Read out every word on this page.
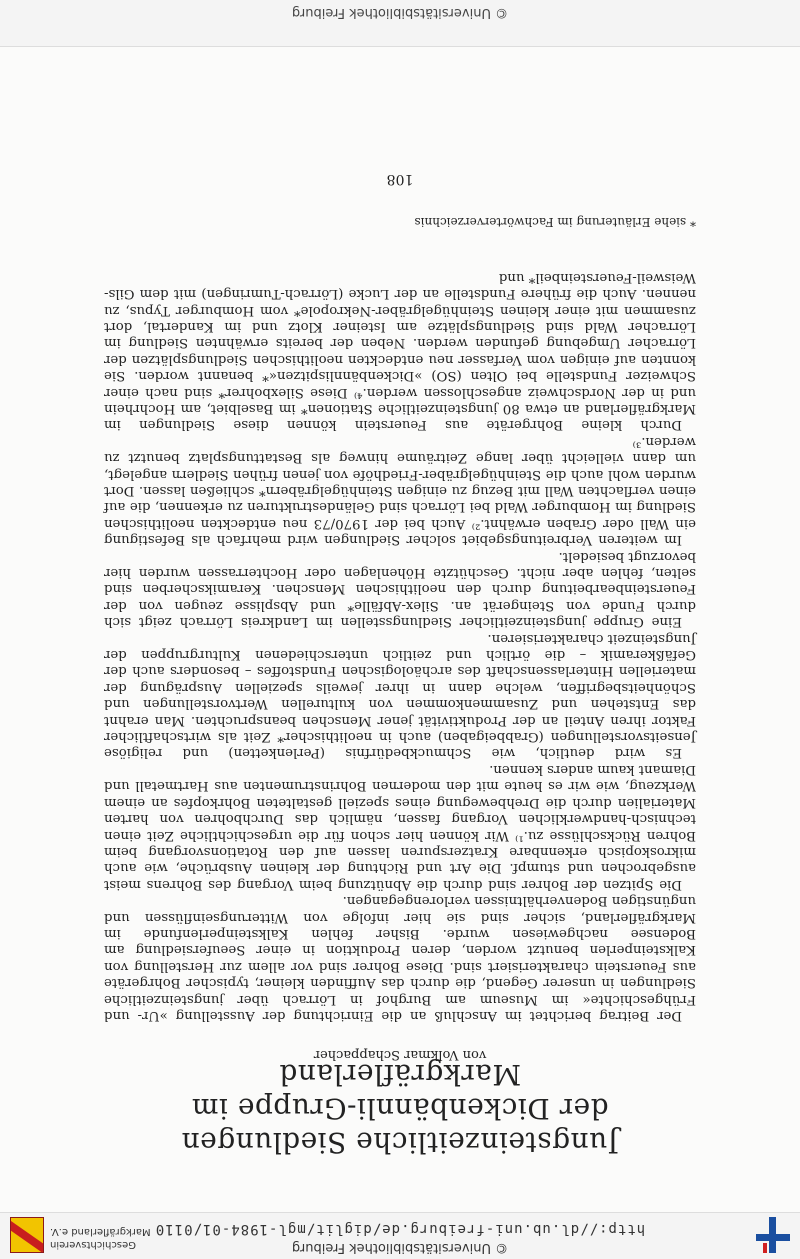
© Universitätsbibliothek Freiburg
http://dl.ub.uni-freiburg.de/diglit/mgl-1984-01/0110
Geschichtsverein
Markgräflerland e.V.
Jungsteinzeitliche Siedlungen
der Dickenbännli-Gruppe im Markgräflerland
von Volkmar Schappacher

Der Beitrag berichtet im Anschluß an die Einrichtung der Ausstellung »Ur- und Frühgeschichte« im Museum am Burghof in Lörrach über jungsteinzeitliche Siedlungen in unserer Gegend, die durch das Auffinden kleiner, typischer Bohrgeräte aus Feuerstein charakterisiert sind. Diese Bohrer sind vor allem zur Herstellung von Kalksteinperlen benutzt worden, deren Produktion in einer Seeufersiedlung am Bodensee nachgewiesen wurde. Bisher fehlen Kalksteinperlenfunde im Markgräflerland, sicher sind sie hier infolge von Witterungseinflüssen und ungünstigen Bodenverhältnissen verlorengegangen.

Die Spitzen der Bohrer sind durch die Abnützung beim Vorgang des Bohrens meist ausgebrochen und stumpf. Die Art und Richtung der kleinen Ausbrüche, wie auch mikroskopisch erkennbare Kratzerspuren lassen auf den Rotationsvorgang beim Bohren Rückschlüsse zu.¹⁾ Wir können hier schon für die urgeschichtliche Zeit einen technisch-handwerklichen Vorgang fassen, nämlich das Durchbohren von harten Materialien durch die Drehbewegung eines speziell gestalteten Bohrkopfes an einem Werkzeug, wie wir es heute mit den modernen Bohrinstrumenten aus Hartmetall und Diamant kaum anders kennen.

Es wird deutlich, wie Schmuckbedürfnis (Perlenketten) und religiöse Jenseitsvorstellungen (Grabbeigaben) auch in neolithischer* Zeit als wirtschaftlicher Faktor ihren Anteil an der Produktivität jener Menschen beanspruchten. Man erahnt das Entstehen und Zusammenkommen von kulturellen Wertvorstellungen und Schönheitsbegriffen, welche dann in ihrer jeweils speziellen Ausprägung der materiellen Hinterlassenschaft des archäologischen Fundstoffes – besonders auch der Gefäßkeramik – die örtlich und zeitlich unterschiedenen Kulturgruppen der Jungsteinzeit charakterisieren.

Eine Gruppe jungsteinzeitlicher Siedlungsstellen im Landkreis Lörrach zeigt sich durch Funde von Steingerät an. Silex-Abfälle* und Absplisse zeugen von der Feuersteinbearbeitung durch den neolithischen Menschen. Keramikscherben sind selten, fehlen aber nicht. Geschützte Höhenlagen oder Hochterrassen wurden hier bevorzugt besiedelt.

Im weiteren Verbreitungsgebiet solcher Siedlungen wird mehrfach als Befestigung ein Wall oder Graben erwähnt.²⁾ Auch bei der 1970/73 neu entdeckten neolithischen Siedlung im Homburger Wald bei Lörrach sind Geländestrukturen zu erkennen, die auf einen verflachten Wall mit Bezug zu einigen Steinhügelgräbern* schließen lassen. Dort wurden wohl auch die Steinhügelgräber-Friedhöfe von jenen frühen Siedlern angelegt, um dann vielleicht über lange Zeiträume hinweg als Bestattungsplatz benutzt zu werden.³⁾

Durch kleine Bohrgeräte aus Feuerstein können diese Siedlungen im Markgräflerland an etwa 80 jungsteinzeitliche Stationen* im Baselbiet, am Hochrhein und in der Nordschweiz angeschlossen werden.⁴⁾ Diese Silexbohrer* sind nach einer Schweizer Fundstelle bei Olten (SO) »Dickenbännlispitzen«* benannt worden. Sie konnten auf einigen vom Verfasser neu entdeckten neolithischen Siedlungsplätzen der Lörracher Umgebung gefunden werden. Neben der bereits erwähnten Siedlung im Lörracher Wald sind Siedlungsplätze am Isteiner Klotz und im Kandertal, dort zusammen mit einer kleinen Steinhügelgräber-Nekropole* vom Homburger Typus, zu nennen. Auch die frühere Fundstelle an der Lucke (Lörrach-Tumringen) mit dem Gils-Weisweil-Feuersteinbeil* und

* siehe Erläuterung im Fachwörterverzeichnis
108
© Universitätsbibliothek Freiburg
